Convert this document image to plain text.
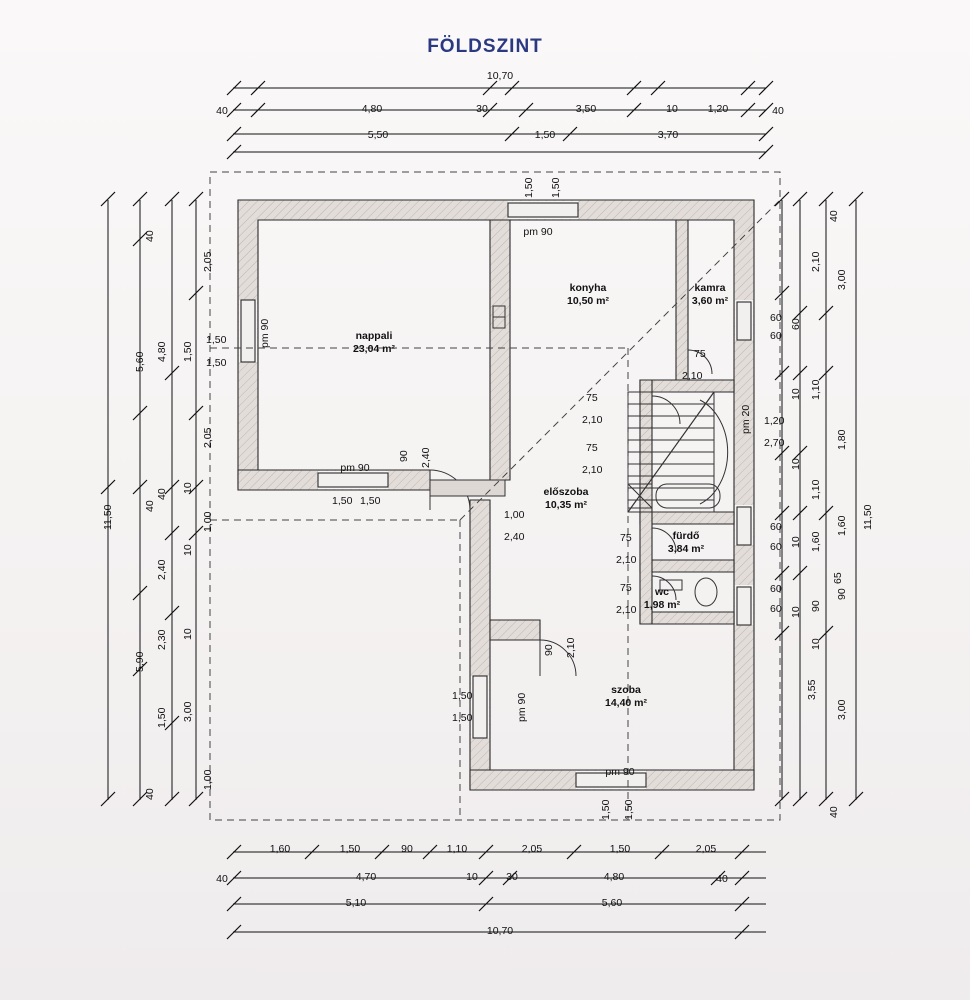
FÖLDSZINT
nappali
23,04 m²
konyha
10,50 m²
kamra
3,60 m²
előszoba
10,35 m²
fürdő
3,84 m²
wc
1,98 m²
szoba
14,40 m²
10,70
40	4,80	30	3,50	10	1,20	40
5,50	1,50	3,70
1,60	1,50	90	1,10	2,05	1,50	2,05
40	4,70	10	30	4,80	40
5,10	5,60
10,70
11,50
5,60
5,90
4,80
40
2,40
2,30
1,50
1,50
10
10
10
3,00
2,05
2,05
1,00
1,00
40
40
40
11,50
2,10
1,10
1,10
1,60
90
10
3,00
1,80
1,60
90
3,00
40
60
10
10
65
10
10
40
60
60
1,20
2,70
60
60
60
60
3,55
pm 90
pm 90
pm 90
90 2,40
1,50 1,50
1,50
1,50
1,50 1,50
1,00
2,40
75
2,10
75
2,10
75
2,10
75
2,10
75
2,10
pm 20
90 2,10
pm 90
1,50
1,50
pm 90
1,50 1,50
